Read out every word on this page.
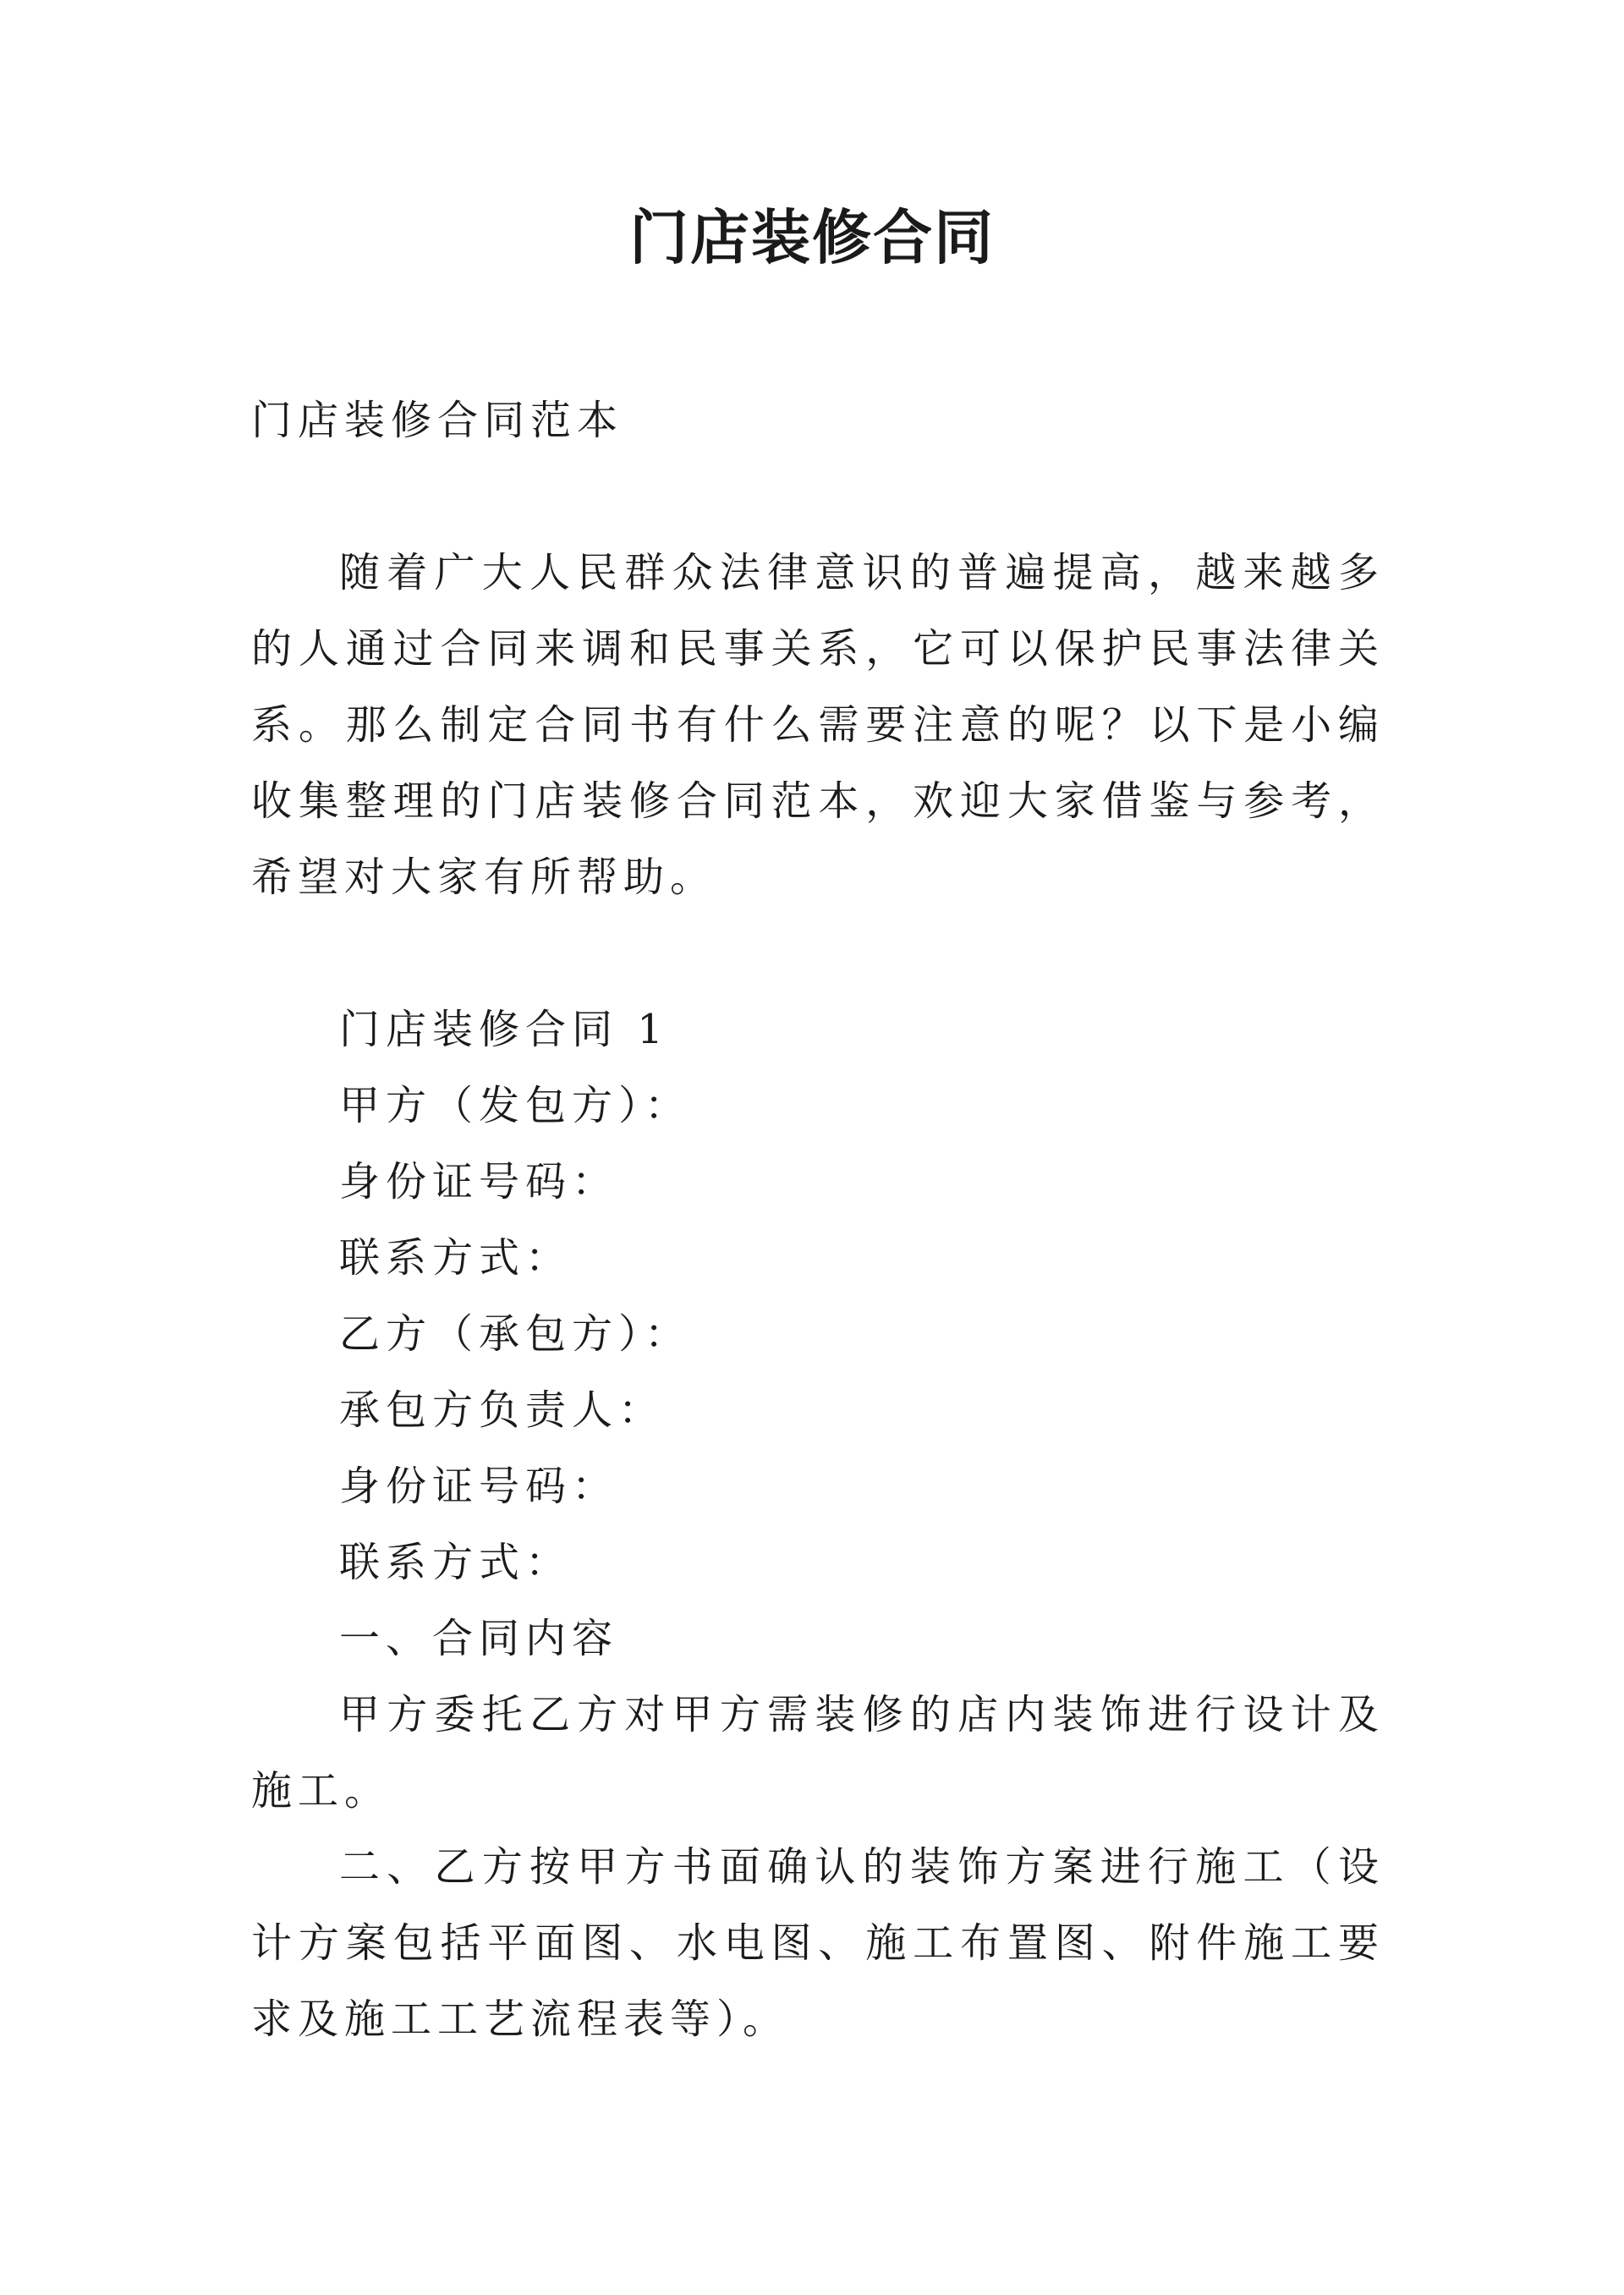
门店装修合同

门店装修合同范本

随着广大人民群众法律意识的普遍提高，越来越多的人通过合同来调和民事关系，它可以保护民事法律关系。那么制定合同书有什么需要注意的呢？以下是小编收集整理的门店装修合同范本，欢迎大家借鉴与参考，希望对大家有所帮助。

门店装修合同 1

甲方（发包方）：

身份证号码：

联系方式：

乙方（承包方）：

承包方负责人：

身份证号码：

联系方式：

一、合同内容

甲方委托乙方对甲方需装修的店内装饰进行设计及施工。

二、乙方按甲方书面确认的装饰方案进行施工（设计方案包括平面图、水电图、施工布置图、附件施工要求及施工工艺流程表等）。
